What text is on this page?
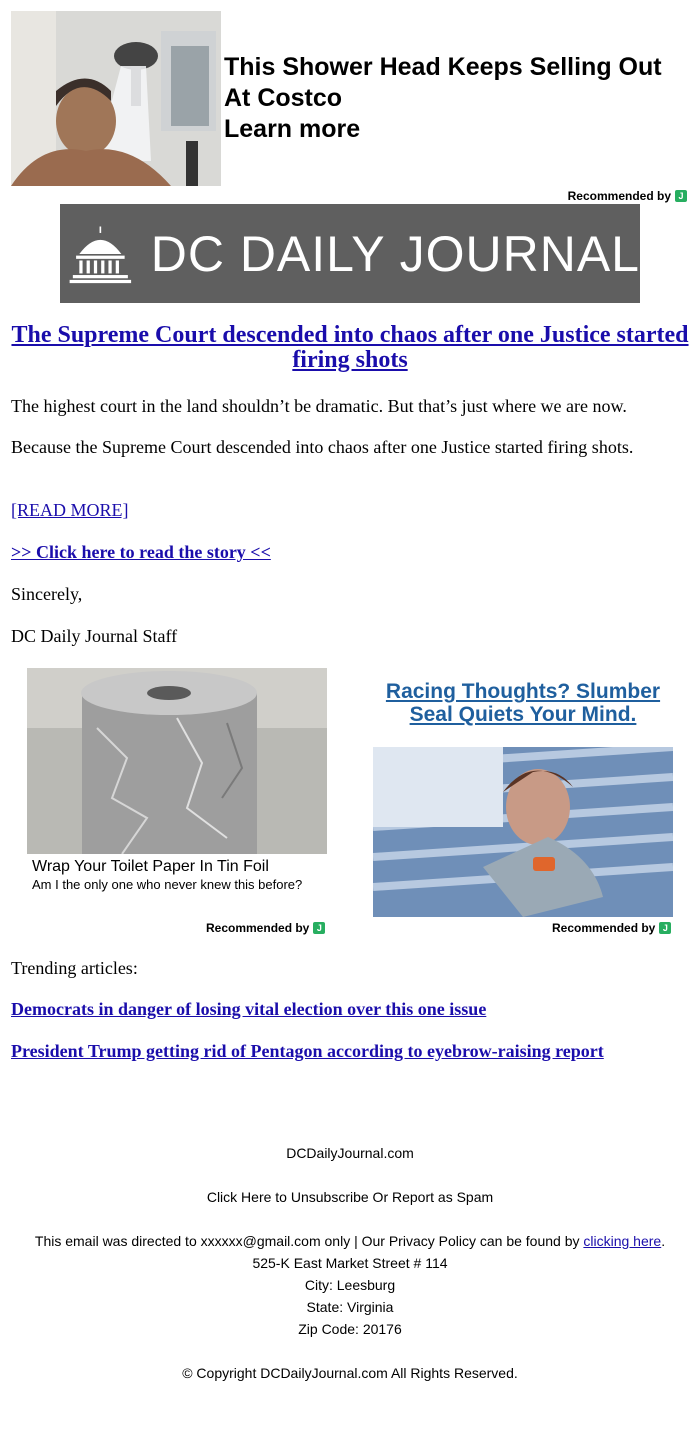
This Shower Head Keeps Selling Out
At Costco
Learn more
Recommended by J
DC DAILY JOURNAL
The Supreme Court descended into chaos after one Justice started firing shots
The highest court in the land shouldn’t be dramatic. But that’s just where we are now.
Because the Supreme Court descended into chaos after one Justice started firing shots.
[READ MORE]
>> Click here to read the story <<
Sincerely,
DC Daily Journal Staff
Wrap Your Toilet Paper In Tin Foil
Am I the only one who never knew this before?
Recommended by J
Racing Thoughts? Slumber Seal Quiets Your Mind.
Recommended by J
Trending articles:
Democrats in danger of losing vital election over this one issue
President Trump getting rid of Pentagon according to eyebrow-raising report
DCDailyJournal.com
Click Here to Unsubscribe Or Report as Spam
This email was directed to xxxxxx@gmail.com only | Our Privacy Policy can be found by clicking here.
525-K East Market Street # 114
City: Leesburg
State: Virginia
Zip Code: 20176
© Copyright DCDailyJournal.com All Rights Reserved.
